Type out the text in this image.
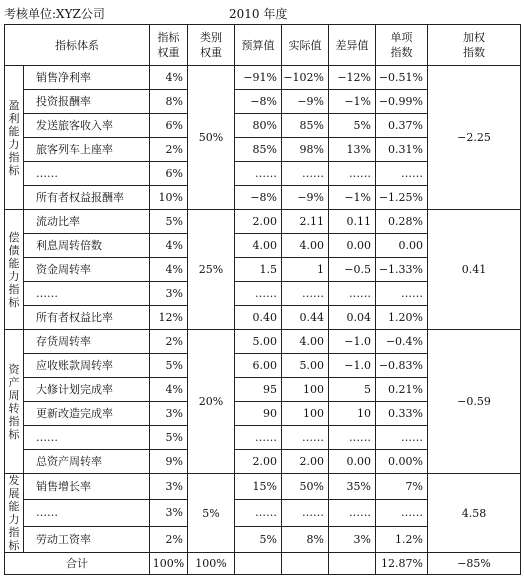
考核单位:XYZ公司	2010 年度
指标体系		指标权重	类别权重	预算值	实际值	差异值	单项指数	加权指数
盈利能力指标	销售净利率	4%	50%	−91%	−102%	−12%	−0.51%	−2.25
	投资报酬率	8%		−8%	−9%	−1%	−0.99%	
	发送旅客收入率	6%		80%	85%	5%	0.37%	
	旅客列车上座率	2%		85%	98%	13%	0.31%	
	……	6%		……	……	……	……	
	所有者权益报酬率	10%		−8%	−9%	−1%	−1.25%	
偿债能力指标	流动比率	5%	25%	2.00	2.11	0.11	0.28%	0.41
	利息周转倍数	4%		4.00	4.00	0.00	0.00	
	资金周转率	4%		1.5	1	−0.5	−1.33%	
	……	3%		……	……	……	……	
	所有者权益比率	12%		0.40	0.44	0.04	1.20%	
资产周转指标	存货周转率	2%	20%	5.00	4.00	−1.0	−0.4%	−0.59
	应收账款周转率	5%		6.00	5.00	−1.0	−0.83%	
	大修计划完成率	4%		95	100	5	0.21%	
	更新改造完成率	3%		90	100	10	0.33%	
	……	5%		……	……	……	……	
	总资产周转率	9%		2.00	2.00	0.00	0.00%	
发展能力指标	销售增长率	3%	5%	15%	50%	35%	7%	4.58
	……	3%		……	……	……	……	
	劳动工资率	2%		5%	8%	3%	1.2%	
合计		100%	100%				12.87%	−85%
